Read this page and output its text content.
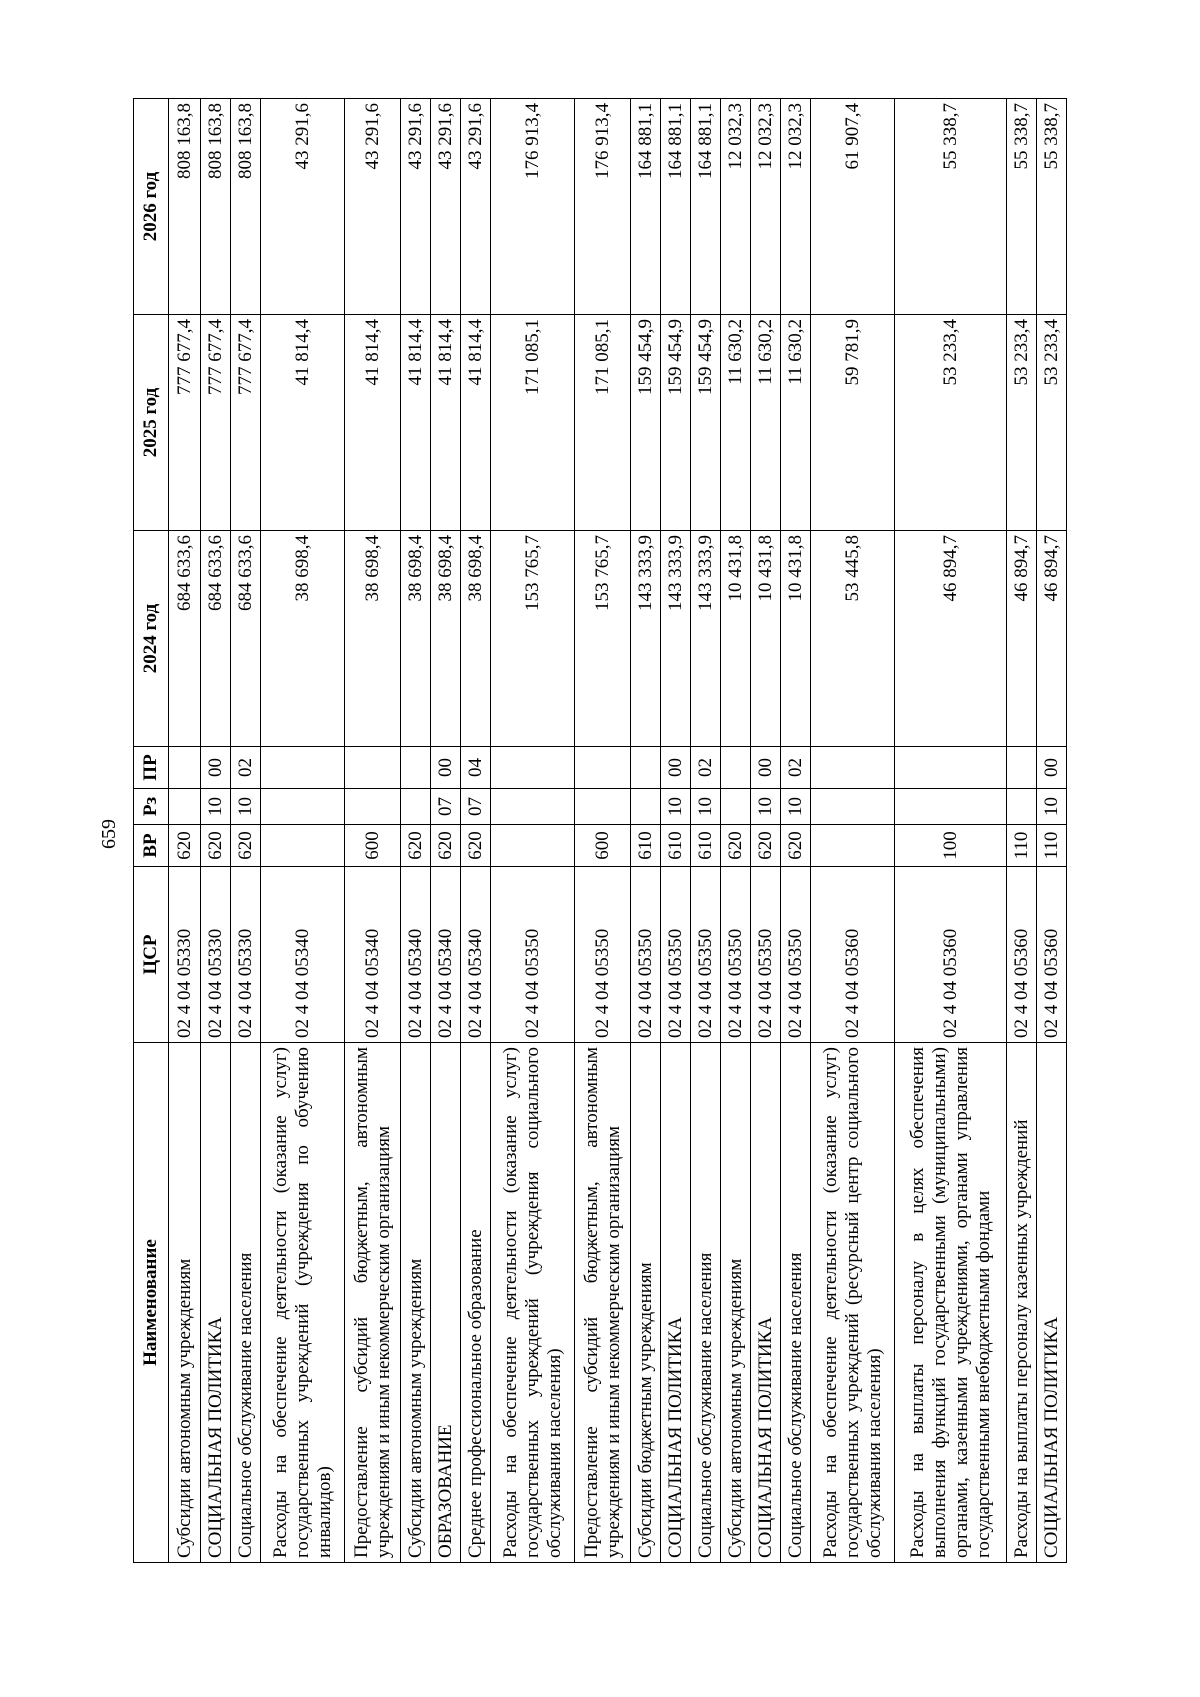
659
Наименование	ЦСР	ВР	Рз	ПР	2024 год	2025 год	2026 год
Субсидии автономным учреждениям	02 4 04 05330	620			684 633,6	777 677,4	808 163,8
СОЦИАЛЬНАЯ ПОЛИТИКА	02 4 04 05330	620	10	00	684 633,6	777 677,4	808 163,8
Социальное обслуживание населения	02 4 04 05330	620	10	02	684 633,6	777 677,4	808 163,8
Расходы на обеспечение деятельности (оказание услуг) государственных учреждений (учреждения по обучению инвалидов)	02 4 04 05340				38 698,4	41 814,4	43 291,6
Предоставление субсидий бюджетным, автономным учреждениям и иным некоммерческим организациям	02 4 04 05340	600			38 698,4	41 814,4	43 291,6
Субсидии автономным учреждениям	02 4 04 05340	620			38 698,4	41 814,4	43 291,6
ОБРАЗОВАНИЕ	02 4 04 05340	620	07	00	38 698,4	41 814,4	43 291,6
Среднее профессиональное образование	02 4 04 05340	620	07	04	38 698,4	41 814,4	43 291,6
Расходы на обеспечение деятельности (оказание услуг) государственных учреждений (учреждения социального обслуживания населения)	02 4 04 05350				153 765,7	171 085,1	176 913,4
Предоставление субсидий бюджетным, автономным учреждениям и иным некоммерческим организациям	02 4 04 05350	600			153 765,7	171 085,1	176 913,4
Субсидии бюджетным учреждениям	02 4 04 05350	610			143 333,9	159 454,9	164 881,1
СОЦИАЛЬНАЯ ПОЛИТИКА	02 4 04 05350	610	10	00	143 333,9	159 454,9	164 881,1
Социальное обслуживание населения	02 4 04 05350	610	10	02	143 333,9	159 454,9	164 881,1
Субсидии автономным учреждениям	02 4 04 05350	620			10 431,8	11 630,2	12 032,3
СОЦИАЛЬНАЯ ПОЛИТИКА	02 4 04 05350	620	10	00	10 431,8	11 630,2	12 032,3
Социальное обслуживание населения	02 4 04 05350	620	10	02	10 431,8	11 630,2	12 032,3
Расходы на обеспечение деятельности (оказание услуг) государственных учреждений (ресурсный центр социального обслуживания населения)	02 4 04 05360				53 445,8	59 781,9	61 907,4
Расходы на выплаты персоналу в целях обеспечения выполнения функций государственными (муниципальными) органами, казенными учреждениями, органами управления государственными внебюджетными фондами	02 4 04 05360	100			46 894,7	53 233,4	55 338,7
Расходы на выплаты персоналу казенных учреждений	02 4 04 05360	110			46 894,7	53 233,4	55 338,7
СОЦИАЛЬНАЯ ПОЛИТИКА	02 4 04 05360	110	10	00	46 894,7	53 233,4	55 338,7
